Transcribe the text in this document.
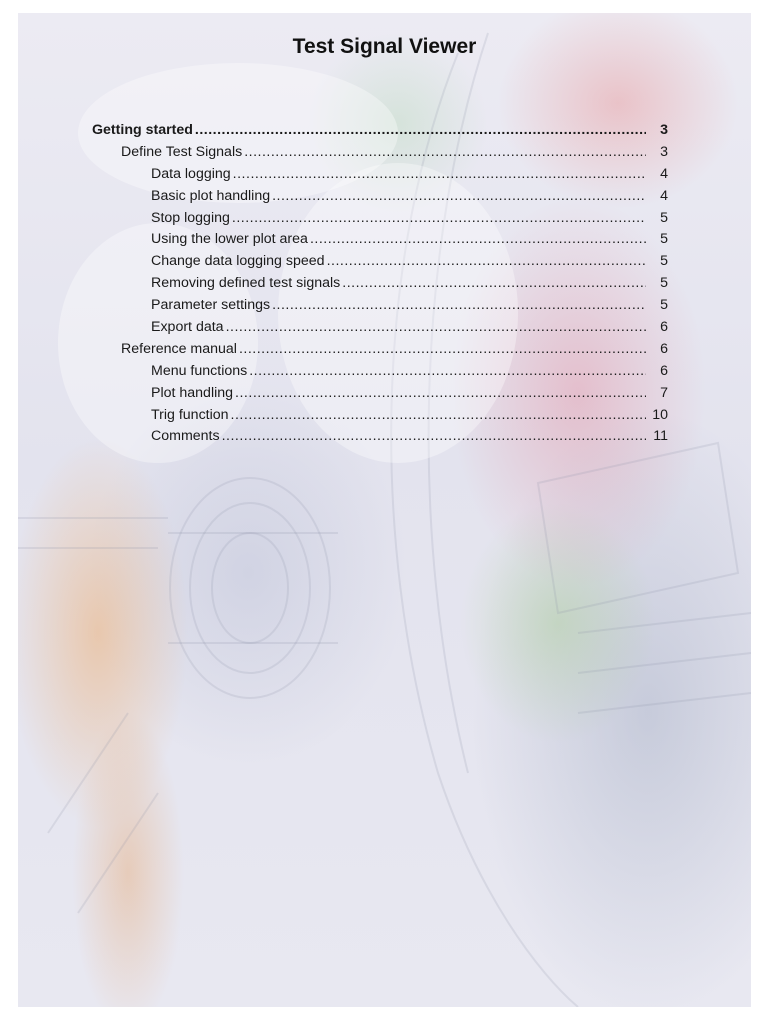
Test Signal Viewer
Getting started .....	3
Define Test Signals .....	3
Data logging .....	4
Basic plot handling .....	4
Stop logging .....	5
Using the lower plot area .....	5
Change data logging speed .....	5
Removing defined test signals .....	5
Parameter settings .....	5
Export data .....	6
Reference manual .....	6
Menu functions .....	6
Plot handling .....	7
Trig function .....	10
Comments .....	11
